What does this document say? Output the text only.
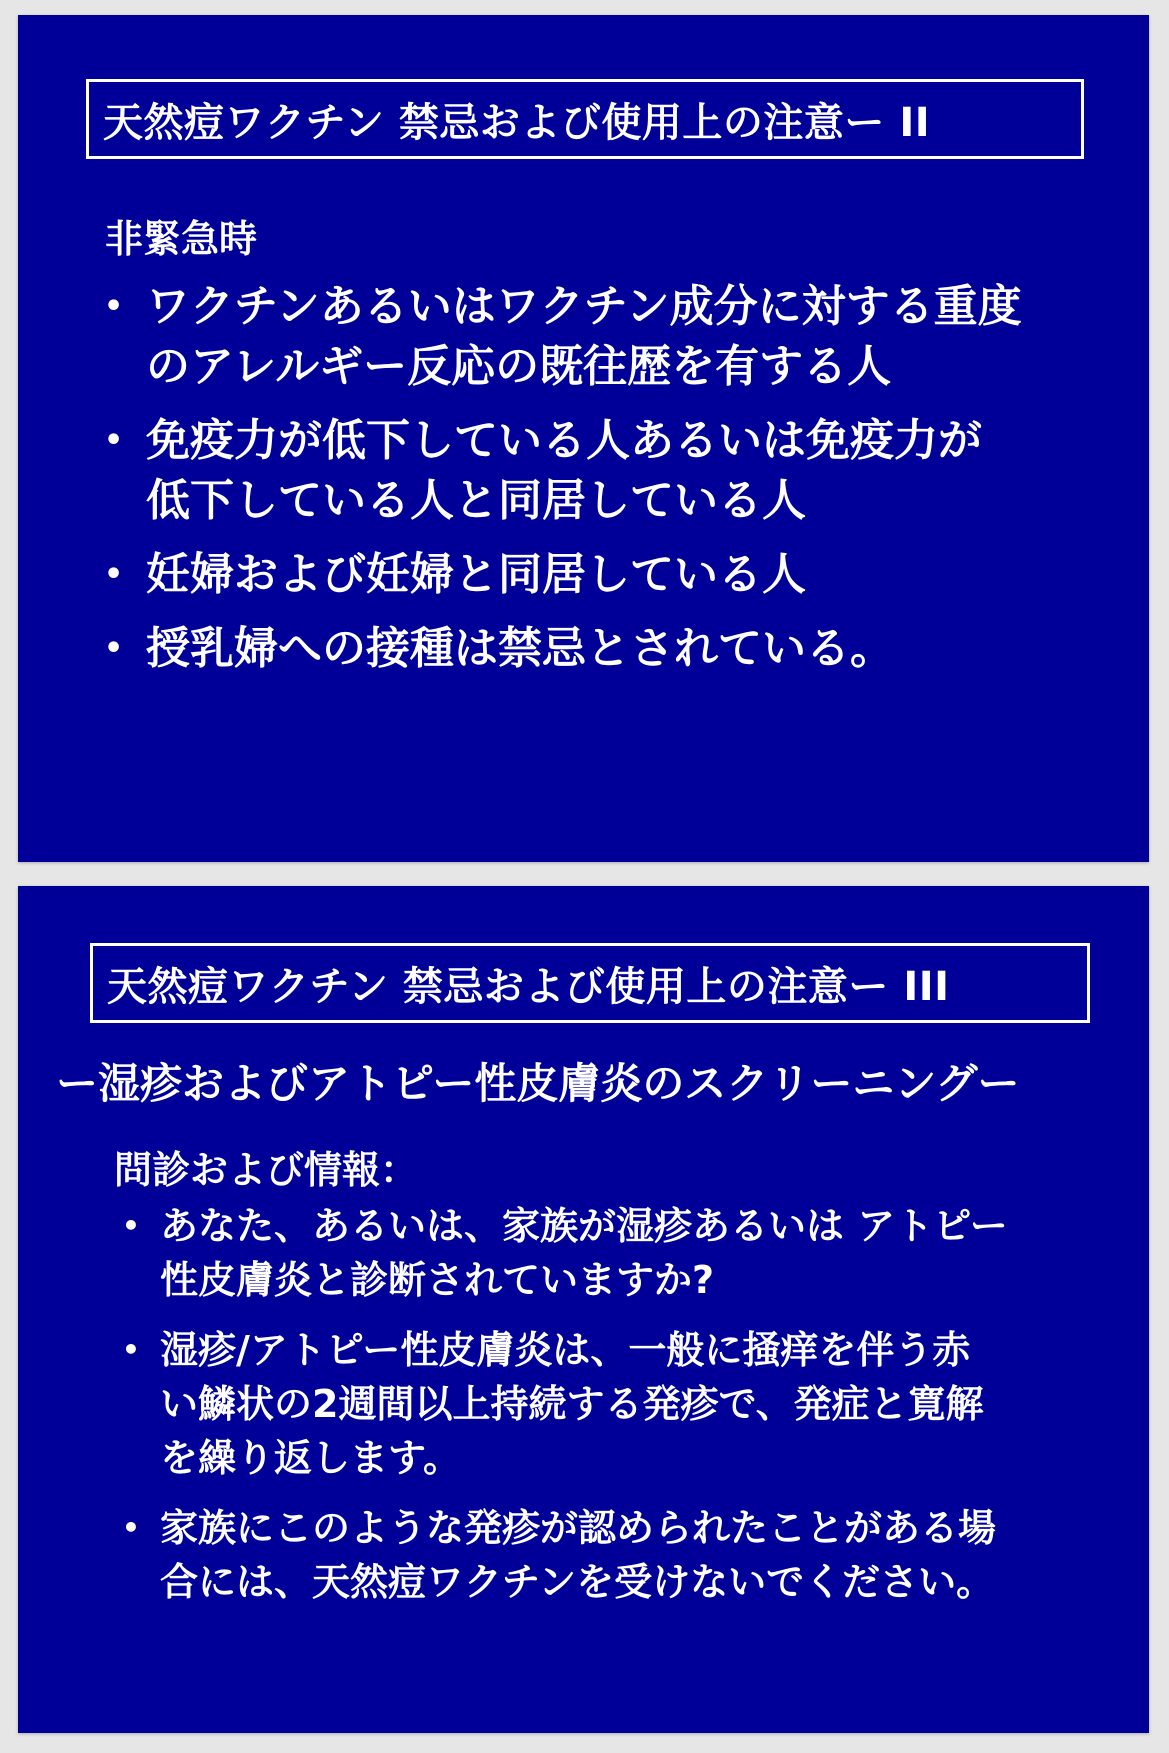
天然痘ワクチン 禁忌および使用上の注意ー II
非緊急時
• ワクチンあるいはワクチン成分に対する重度
のアレルギー反応の既往歴を有する人
• 免疫力が低下している人あるいは免疫力が
低下している人と同居している人
• 妊婦および妊婦と同居している人
• 授乳婦への接種は禁忌とされている。
天然痘ワクチン 禁忌および使用上の注意ー III
ー湿疹およびアトピー性皮膚炎のスクリーニングー
問診および情報：
• あなた、あるいは、家族が湿疹あるいは アトピー
性皮膚炎と診断されていますか?
• 湿疹/アトピー性皮膚炎は、一般に掻痒を伴う赤
い鱗状の2週間以上持続する発疹で、発症と寛解
を繰り返します。
• 家族にこのような発疹が認められたことがある場
合には、天然痘ワクチンを受けないでください。
